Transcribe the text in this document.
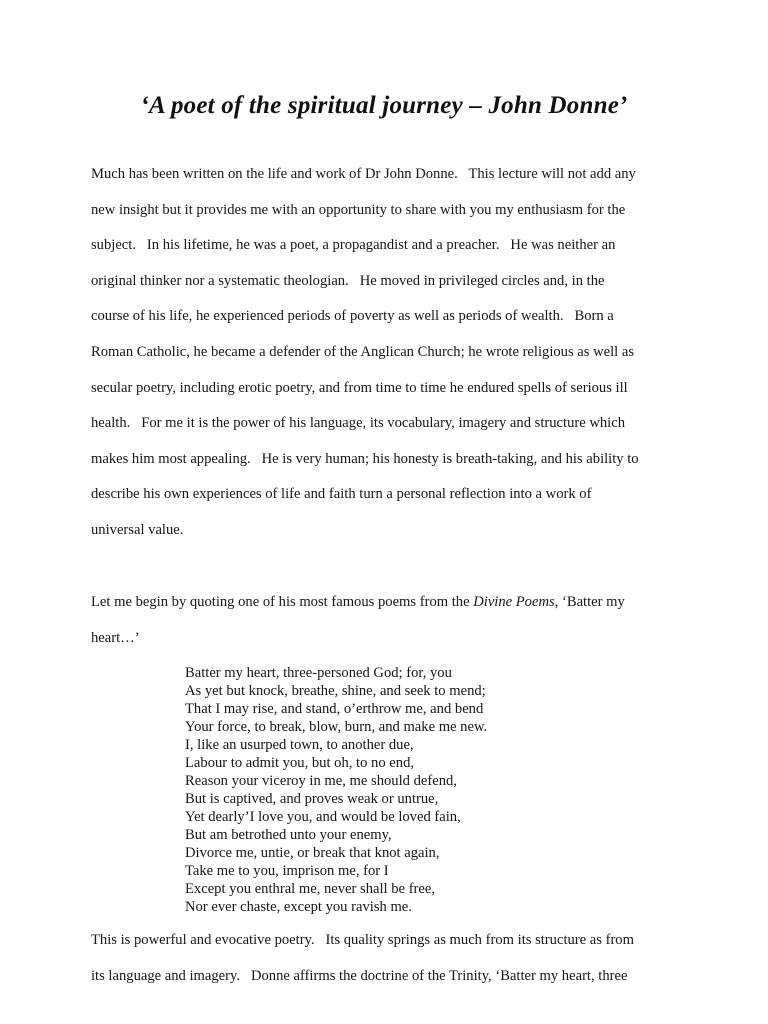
‘A poet of the spiritual journey – John Donne’

Much has been written on the life and work of Dr John Donne.   This lecture will not add any
new insight but it provides me with an opportunity to share with you my enthusiasm for the
subject.   In his lifetime, he was a poet, a propagandist and a preacher.   He was neither an
original thinker nor a systematic theologian.   He moved in privileged circles and, in the
course of his life, he experienced periods of poverty as well as periods of wealth.   Born a
Roman Catholic, he became a defender of the Anglican Church; he wrote religious as well as
secular poetry, including erotic poetry, and from time to time he endured spells of serious ill
health.   For me it is the power of his language, its vocabulary, imagery and structure which
makes him most appealing.   He is very human; his honesty is breath-taking, and his ability to
describe his own experiences of life and faith turn a personal reflection into a work of
universal value.

Let me begin by quoting one of his most famous poems from the Divine Poems, ‘Batter my
heart…’

Batter my heart, three-personed God; for, you
As yet but knock, breathe, shine, and seek to mend;
That I may rise, and stand, o’erthrow me, and bend
Your force, to break, blow, burn, and make me new.
I, like an usurped town, to another due,
Labour to admit you, but oh, to no end,
Reason your viceroy in me, me should defend,
But is captived, and proves weak or untrue,
Yet dearly’I love you, and would be loved fain,
But am betrothed unto your enemy,
Divorce me, untie, or break that knot again,
Take me to you, imprison me, for I
Except you enthral me, never shall be free,
Nor ever chaste, except you ravish me.

This is powerful and evocative poetry.   Its quality springs as much from its structure as from
its language and imagery.   Donne affirms the doctrine of the Trinity, ‘Batter my heart, three
